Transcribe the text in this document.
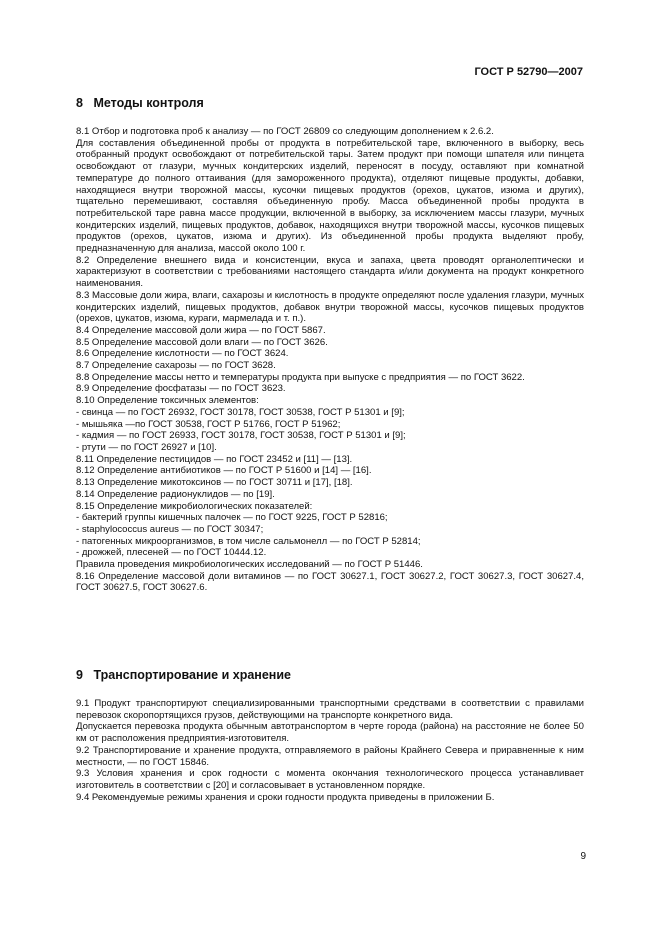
ГОСТ Р 52790—2007
8 Методы контроля

8.1 Отбор и подготовка проб к анализу — по ГОСТ 26809 со следующим дополнением к 2.6.2.

Для составления объединенной пробы от продукта в потребительской таре, включенного в выборку, весь отобранный продукт освобождают от потребительской тары. Затем продукт при помощи шпателя или пинцета освобождают от глазури, мучных кондитерских изделий, переносят в посуду, оставляют при комнатной температуре до полного оттаивания (для замороженного продукта), отделяют пищевые продукты, добавки, находящиеся внутри творожной массы, кусочки пищевых продуктов (орехов, цукатов, изюма и других), тщательно перемешивают, составляя объединенную пробу. Масса объединенной пробы продукта в потребительской таре равна массе продукции, включенной в выборку, за исключением массы глазури, мучных кондитерских изделий, пищевых продуктов, добавок, находящихся внутри творожной массы, кусочков пищевых продуктов (орехов, цукатов, изюма и других). Из объединенной пробы продукта выделяют пробу, предназначенную для анализа, массой около 100 г.

8.2 Определение внешнего вида и консистенции, вкуса и запаха, цвета проводят органолептически и характеризуют в соответствии с требованиями настоящего стандарта и/или документа на продукт конкретного наименования.

8.3 Массовые доли жира, влаги, сахарозы и кислотность в продукте определяют после удаления глазури, мучных кондитерских изделий, пищевых продуктов, добавок внутри творожной массы, кусочков пищевых продуктов (орехов, цукатов, изюма, кураги, мармелада и т. п.).

8.4 Определение массовой доли жира — по ГОСТ 5867.

8.5 Определение массовой доли влаги — по ГОСТ 3626.

8.6 Определение кислотности — по ГОСТ 3624.

8.7 Определение сахарозы — по ГОСТ 3628.

8.8 Определение массы нетто и температуры продукта при выпуске с предприятия — по ГОСТ 3622.

8.9 Определение фосфатазы — по ГОСТ 3623.

8.10 Определение токсичных элементов:

- свинца — по ГОСТ 26932, ГОСТ 30178, ГОСТ 30538, ГОСТ Р 51301 и [9];

- мышьяка —по ГОСТ 30538, ГОСТ Р 51766, ГОСТ Р 51962;

- кадмия — по ГОСТ 26933, ГОСТ 30178, ГОСТ 30538, ГОСТ Р 51301 и [9];

- ртути — по ГОСТ 26927 и [10].

8.11 Определение пестицидов — по ГОСТ 23452 и [11] — [13].

8.12 Определение антибиотиков — по ГОСТ Р 51600 и [14] — [16].

8.13 Определение микотоксинов — по ГОСТ 30711 и [17], [18].

8.14 Определение радионуклидов — по [19].

8.15 Определение микробиологических показателей:

- бактерий группы кишечных палочек — по ГОСТ 9225, ГОСТ Р 52816;

- staphylococcus aureus — по ГОСТ 30347;

- патогенных микроорганизмов, в том числе сальмонелл — по ГОСТ Р 52814;

- дрожжей, плесеней — по ГОСТ 10444.12.

Правила проведения микробиологических исследований — по ГОСТ Р 51446.

8.16 Определение массовой доли витаминов — по ГОСТ 30627.1, ГОСТ 30627.2, ГОСТ 30627.3, ГОСТ 30627.4, ГОСТ 30627.5, ГОСТ 30627.6.

9 Транспортирование и хранение

9.1 Продукт транспортируют специализированными транспортными средствами в соответствии с правилами перевозок скоропортящихся грузов, действующими на транспорте конкретного вида.

Допускается перевозка продукта обычным автотранспортом в черте города (района) на расстояние не более 50 км от расположения предприятия-изготовителя.

9.2 Транспортирование и хранение продукта, отправляемого в районы Крайнего Севера и приравненные к ним местности, — по ГОСТ 15846.

9.3 Условия хранения и срок годности с момента окончания технологического процесса устанавливает изготовитель в соответствии с [20] и согласовывает в установленном порядке.

9.4 Рекомендуемые режимы хранения и сроки годности продукта приведены в приложении Б.

9
